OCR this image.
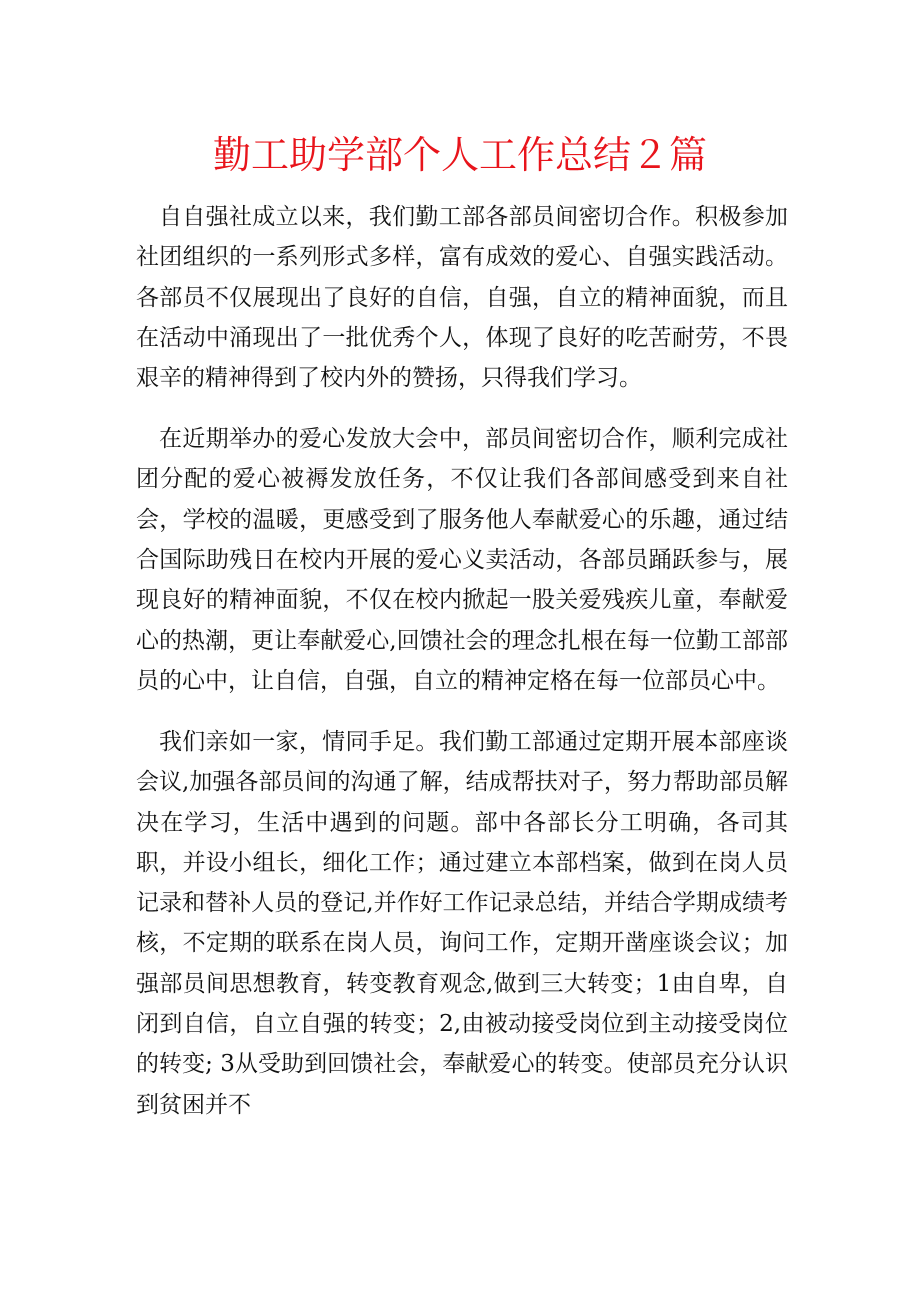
勤工助学部个人工作总结２篇

自自强社成立以来，我们勤工部各部员间密切合作。积极参加社团组织的一系列形式多样，富有成效的爱心、自强实践活动。各部员不仅展现出了良好的自信，自强，自立的精神面貌，而且在活动中涌现出了一批优秀个人，体现了良好的吃苦耐劳，不畏艰辛的精神得到了校内外的赞扬，只得我们学习。

在近期举办的爱心发放大会中，部员间密切合作，顺利完成社团分配的爱心被褥发放任务，不仅让我们各部间感受到来自社会，学校的温暖，更感受到了服务他人奉献爱心的乐趣，通过结合国际助残日在校内开展的爱心义卖活动，各部员踊跃参与，展现良好的精神面貌，不仅在校内掀起一股关爱残疾儿童，奉献爱心的热潮，更让奉献爱心,回馈社会的理念扎根在每一位勤工部部员的心中，让自信，自强，自立的精神定格在每一位部员心中。

我们亲如一家，情同手足。我们勤工部通过定期开展本部座谈会议,加强各部员间的沟通了解，结成帮扶对子，努力帮助部员解决在学习，生活中遇到的问题。部中各部长分工明确，各司其职，并设小组长，细化工作；通过建立本部档案，做到在岗人员记录和替补人员的登记,并作好工作记录总结，并结合学期成绩考核，不定期的联系在岗人员，询问工作，定期开凿座谈会议；加强部员间思想教育，转变教育观念,做到三大转变；1由自卑，自闭到自信，自立自强的转变；2,由被动接受岗位到主动接受岗位的转变; 3从受助到回馈社会，奉献爱心的转变。使部员充分认识到贫困并不
